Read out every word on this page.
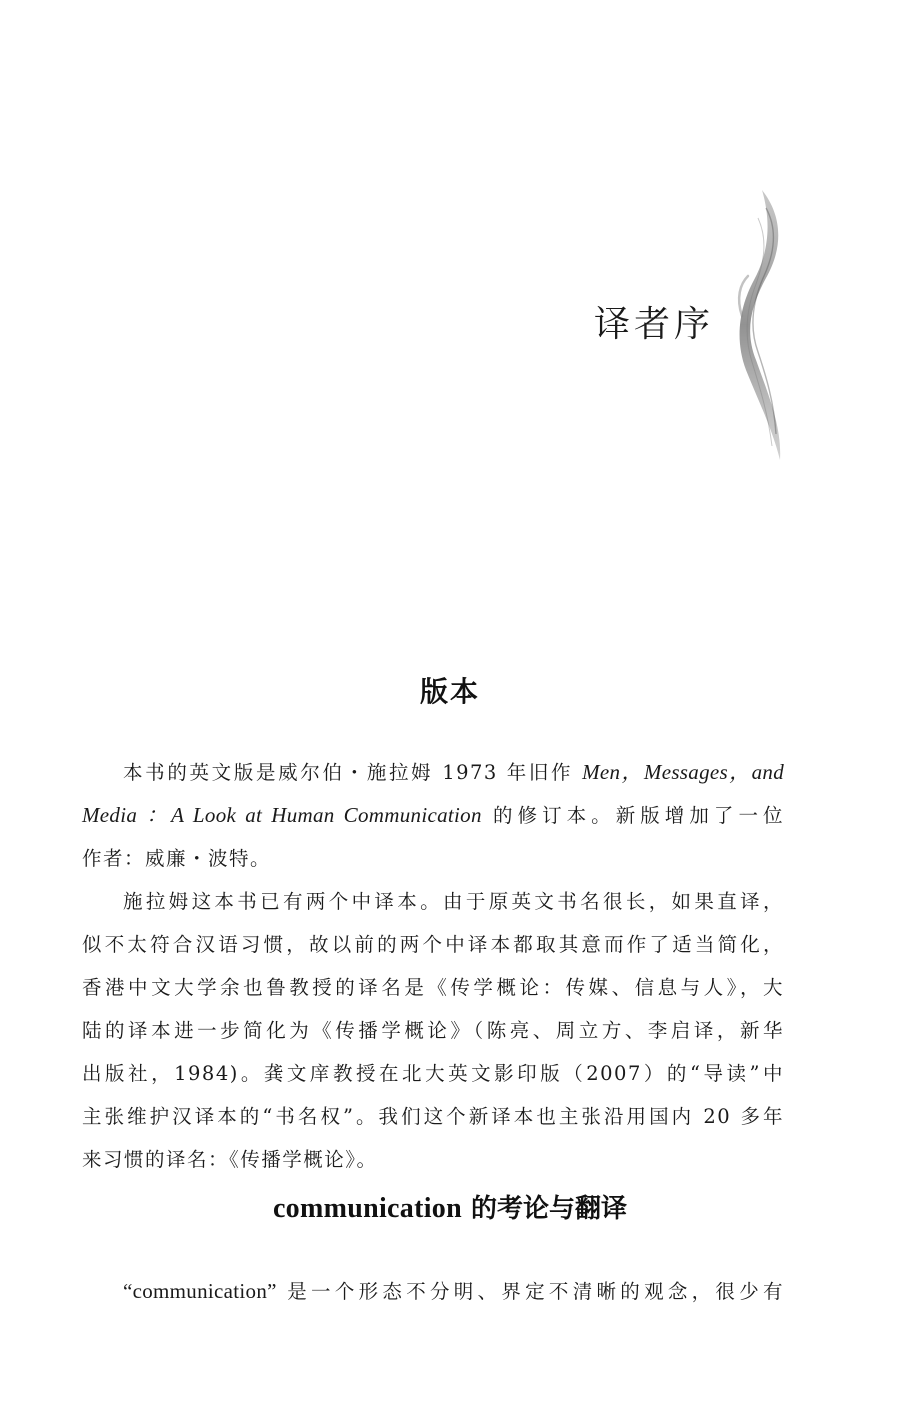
译者序
版本
本书的英文版是威尔伯・施拉姆 1973 年旧作 Men，Messages，and
Media ：A Look at Human Communication 的修订本。新版增加了一位
作者：威廉・波特。
施拉姆这本书已有两个中译本。由于原英文书名很长，如果直译，
似不太符合汉语习惯，故以前的两个中译本都取其意而作了适当简化，
香港中文大学余也鲁教授的译名是《传学概论：传媒、信息与人》，大
陆的译本进一步简化为《传播学概论》（陈亮、周立方、李启译，新华
出版社，1984)。龚文庠教授在北大英文影印版（2007）的“导读”中
主张维护汉译本的“书名权”。我们这个新译本也主张沿用国内 20 多年
来习惯的译名：《传播学概论》。
communication 的考论与翻译
“communication” 是一个形态不分明、界定不清晰的观念，很少有
